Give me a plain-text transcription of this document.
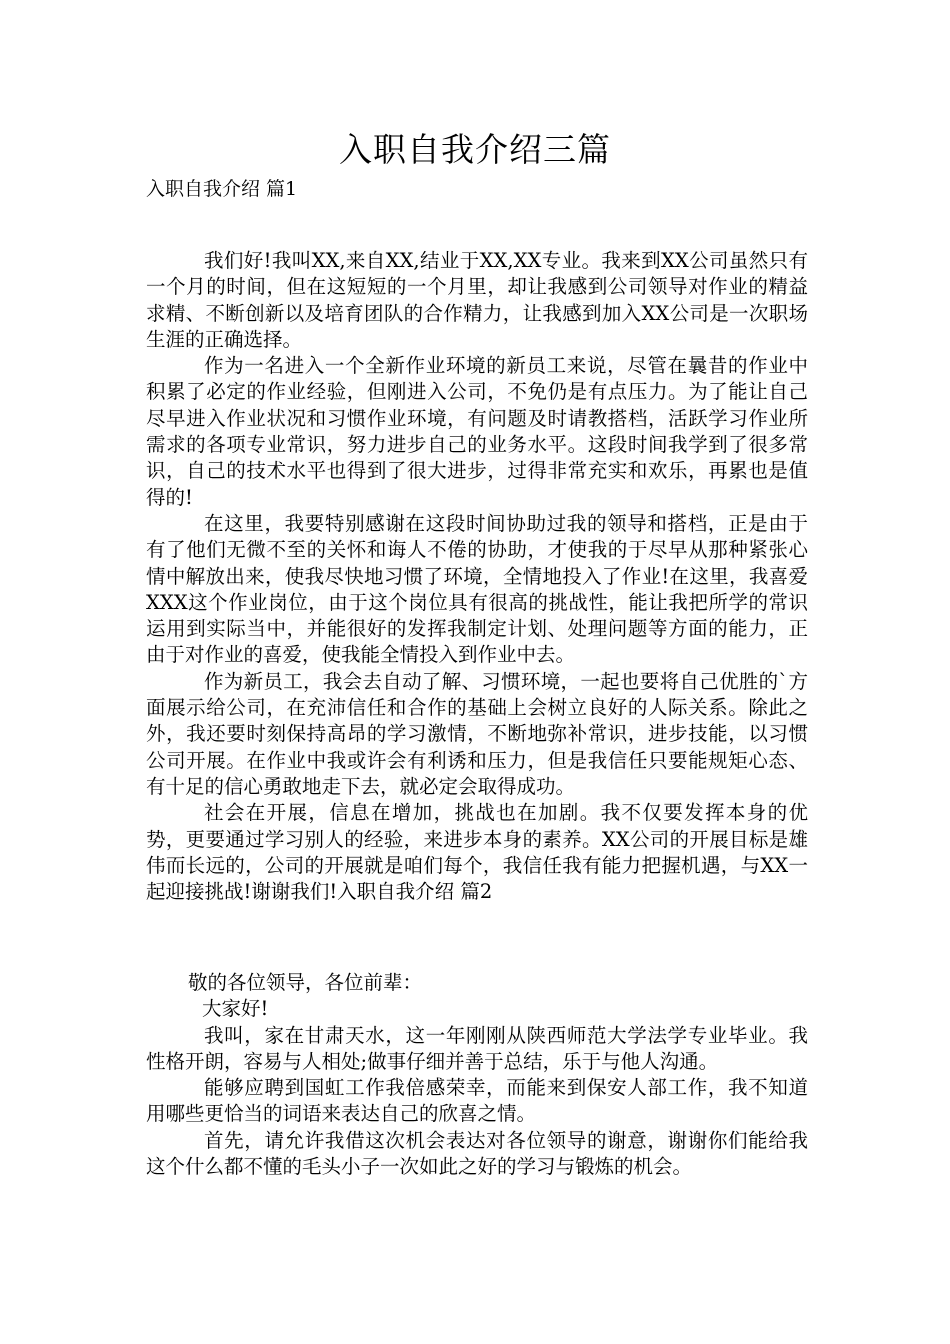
入职自我介绍三篇
入职自我介绍 篇1

我们好!我叫XX,来自XX,结业于XX,XX专业。我来到XX公司虽然只有一个月的时间，但在这短短的一个月里，却让我感到公司领导对作业的精益求精、不断创新以及培育团队的合作精力，让我感到加入XX公司是一次职场生涯的正确选择。

作为一名进入一个全新作业环境的新员工来说，尽管在曩昔的作业中积累了必定的作业经验，但刚进入公司，不免仍是有点压力。为了能让自己尽早进入作业状况和习惯作业环境，有问题及时请教搭档，活跃学习作业所需求的各项专业常识，努力进步自己的业务水平。这段时间我学到了很多常识，自己的技术水平也得到了很大进步，过得非常充实和欢乐，再累也是值得的!

在这里，我要特别感谢在这段时间协助过我的领导和搭档，正是由于有了他们无微不至的关怀和诲人不倦的协助，才使我的于尽早从那种紧张心情中解放出来，使我尽快地习惯了环境，全情地投入了作业!在这里，我喜爱XXX这个作业岗位，由于这个岗位具有很高的挑战性，能让我把所学的常识运用到实际当中，并能很好的发挥我制定计划、处理问题等方面的能力，正由于对作业的喜爱，使我能全情投入到作业中去。

作为新员工，我会去自动了解、习惯环境，一起也要将自己优胜的`方面展示给公司，在充沛信任和合作的基础上会树立良好的人际关系。除此之外，我还要时刻保持高昂的学习激情，不断地弥补常识，进步技能，以习惯公司开展。在作业中我或许会有利诱和压力，但是我信任只要能规矩心态、有十足的信心勇敢地走下去，就必定会取得成功。

社会在开展，信息在增加，挑战也在加剧。我不仅要发挥本身的优势，更要通过学习别人的经验，来进步本身的素养。XX公司的开展目标是雄伟而长远的，公司的开展就是咱们每个，我信任我有能力把握机遇，与XX一起迎接挑战!谢谢我们!入职自我介绍 篇2

敬的各位领导，各位前辈：

大家好!

我叫，家在甘肃天水，这一年刚刚从陕西师范大学法学专业毕业。我性格开朗，容易与人相处;做事仔细并善于总结，乐于与他人沟通。

能够应聘到国虹工作我倍感荣幸，而能来到保安人部工作，我不知道用哪些更恰当的词语来表达自己的欣喜之情。

首先，请允许我借这次机会表达对各位领导的谢意，谢谢你们能给我这个什么都不懂的毛头小子一次如此之好的学习与锻炼的机会。
